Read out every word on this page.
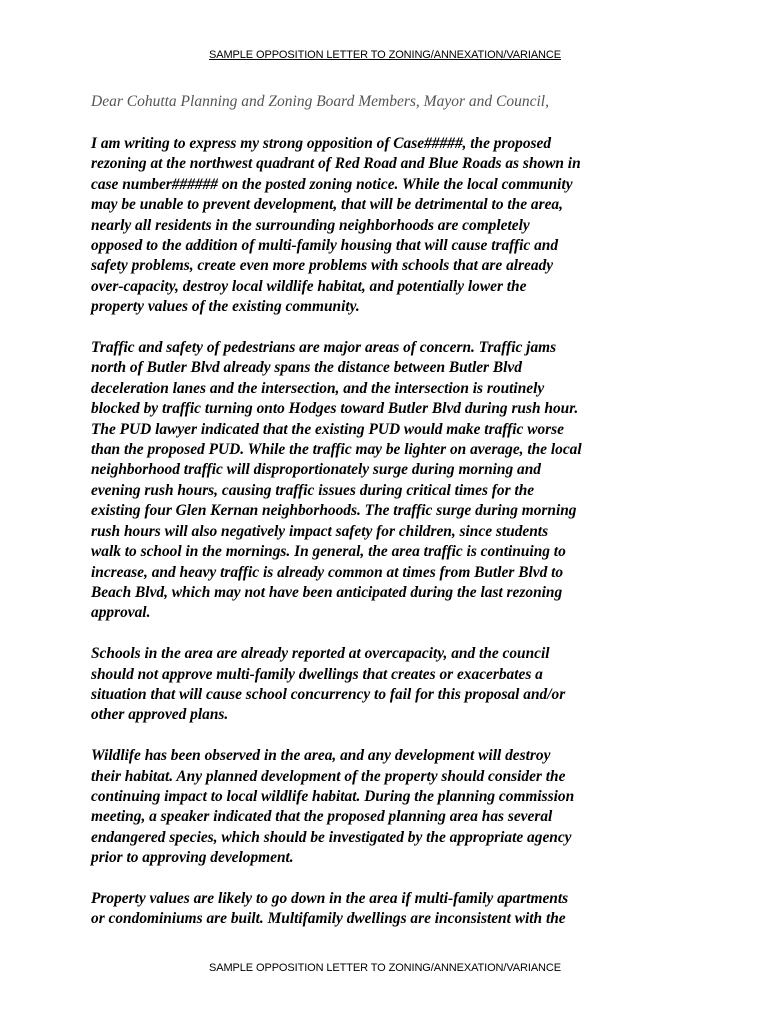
SAMPLE OPPOSITION LETTER TO ZONING/ANNEXATION/VARIANCE
Dear Cohutta Planning and Zoning Board Members, Mayor and Council,
I am writing to express my strong opposition of Case#####, the proposed
rezoning at the northwest quadrant of Red Road and Blue Roads as shown in
case number###### on the posted zoning notice. While the local community
may be unable to prevent development, that will be detrimental to the area,
nearly all residents in the surrounding neighborhoods are completely
opposed to the addition of multi-family housing that will cause traffic and
safety problems, create even more problems with schools that are already
over-capacity, destroy local wildlife habitat, and potentially lower the
property values of the existing community.
Traffic and safety of pedestrians are major areas of concern. Traffic jams
north of Butler Blvd already spans the distance between Butler Blvd
deceleration lanes and the intersection, and the intersection is routinely
blocked by traffic turning onto Hodges toward Butler Blvd during rush hour.
The PUD lawyer indicated that the existing PUD would make traffic worse
than the proposed PUD. While the traffic may be lighter on average, the local
neighborhood traffic will disproportionately surge during morning and
evening rush hours, causing traffic issues during critical times for the
existing four Glen Kernan neighborhoods. The traffic surge during morning
rush hours will also negatively impact safety for children, since students
walk to school in the mornings. In general, the area traffic is continuing to
increase, and heavy traffic is already common at times from Butler Blvd to
Beach Blvd, which may not have been anticipated during the last rezoning
approval.
Schools in the area are already reported at overcapacity, and the council
should not approve multi-family dwellings that creates or exacerbates a
situation that will cause school concurrency to fail for this proposal and/or
other approved plans.
Wildlife has been observed in the area, and any development will destroy
their habitat. Any planned development of the property should consider the
continuing impact to local wildlife habitat. During the planning commission
meeting, a speaker indicated that the proposed planning area has several
endangered species, which should be investigated by the appropriate agency
prior to approving development.
Property values are likely to go down in the area if multi-family apartments
or condominiums are built. Multifamily dwellings are inconsistent with the
SAMPLE OPPOSITION LETTER TO ZONING/ANNEXATION/VARIANCE
